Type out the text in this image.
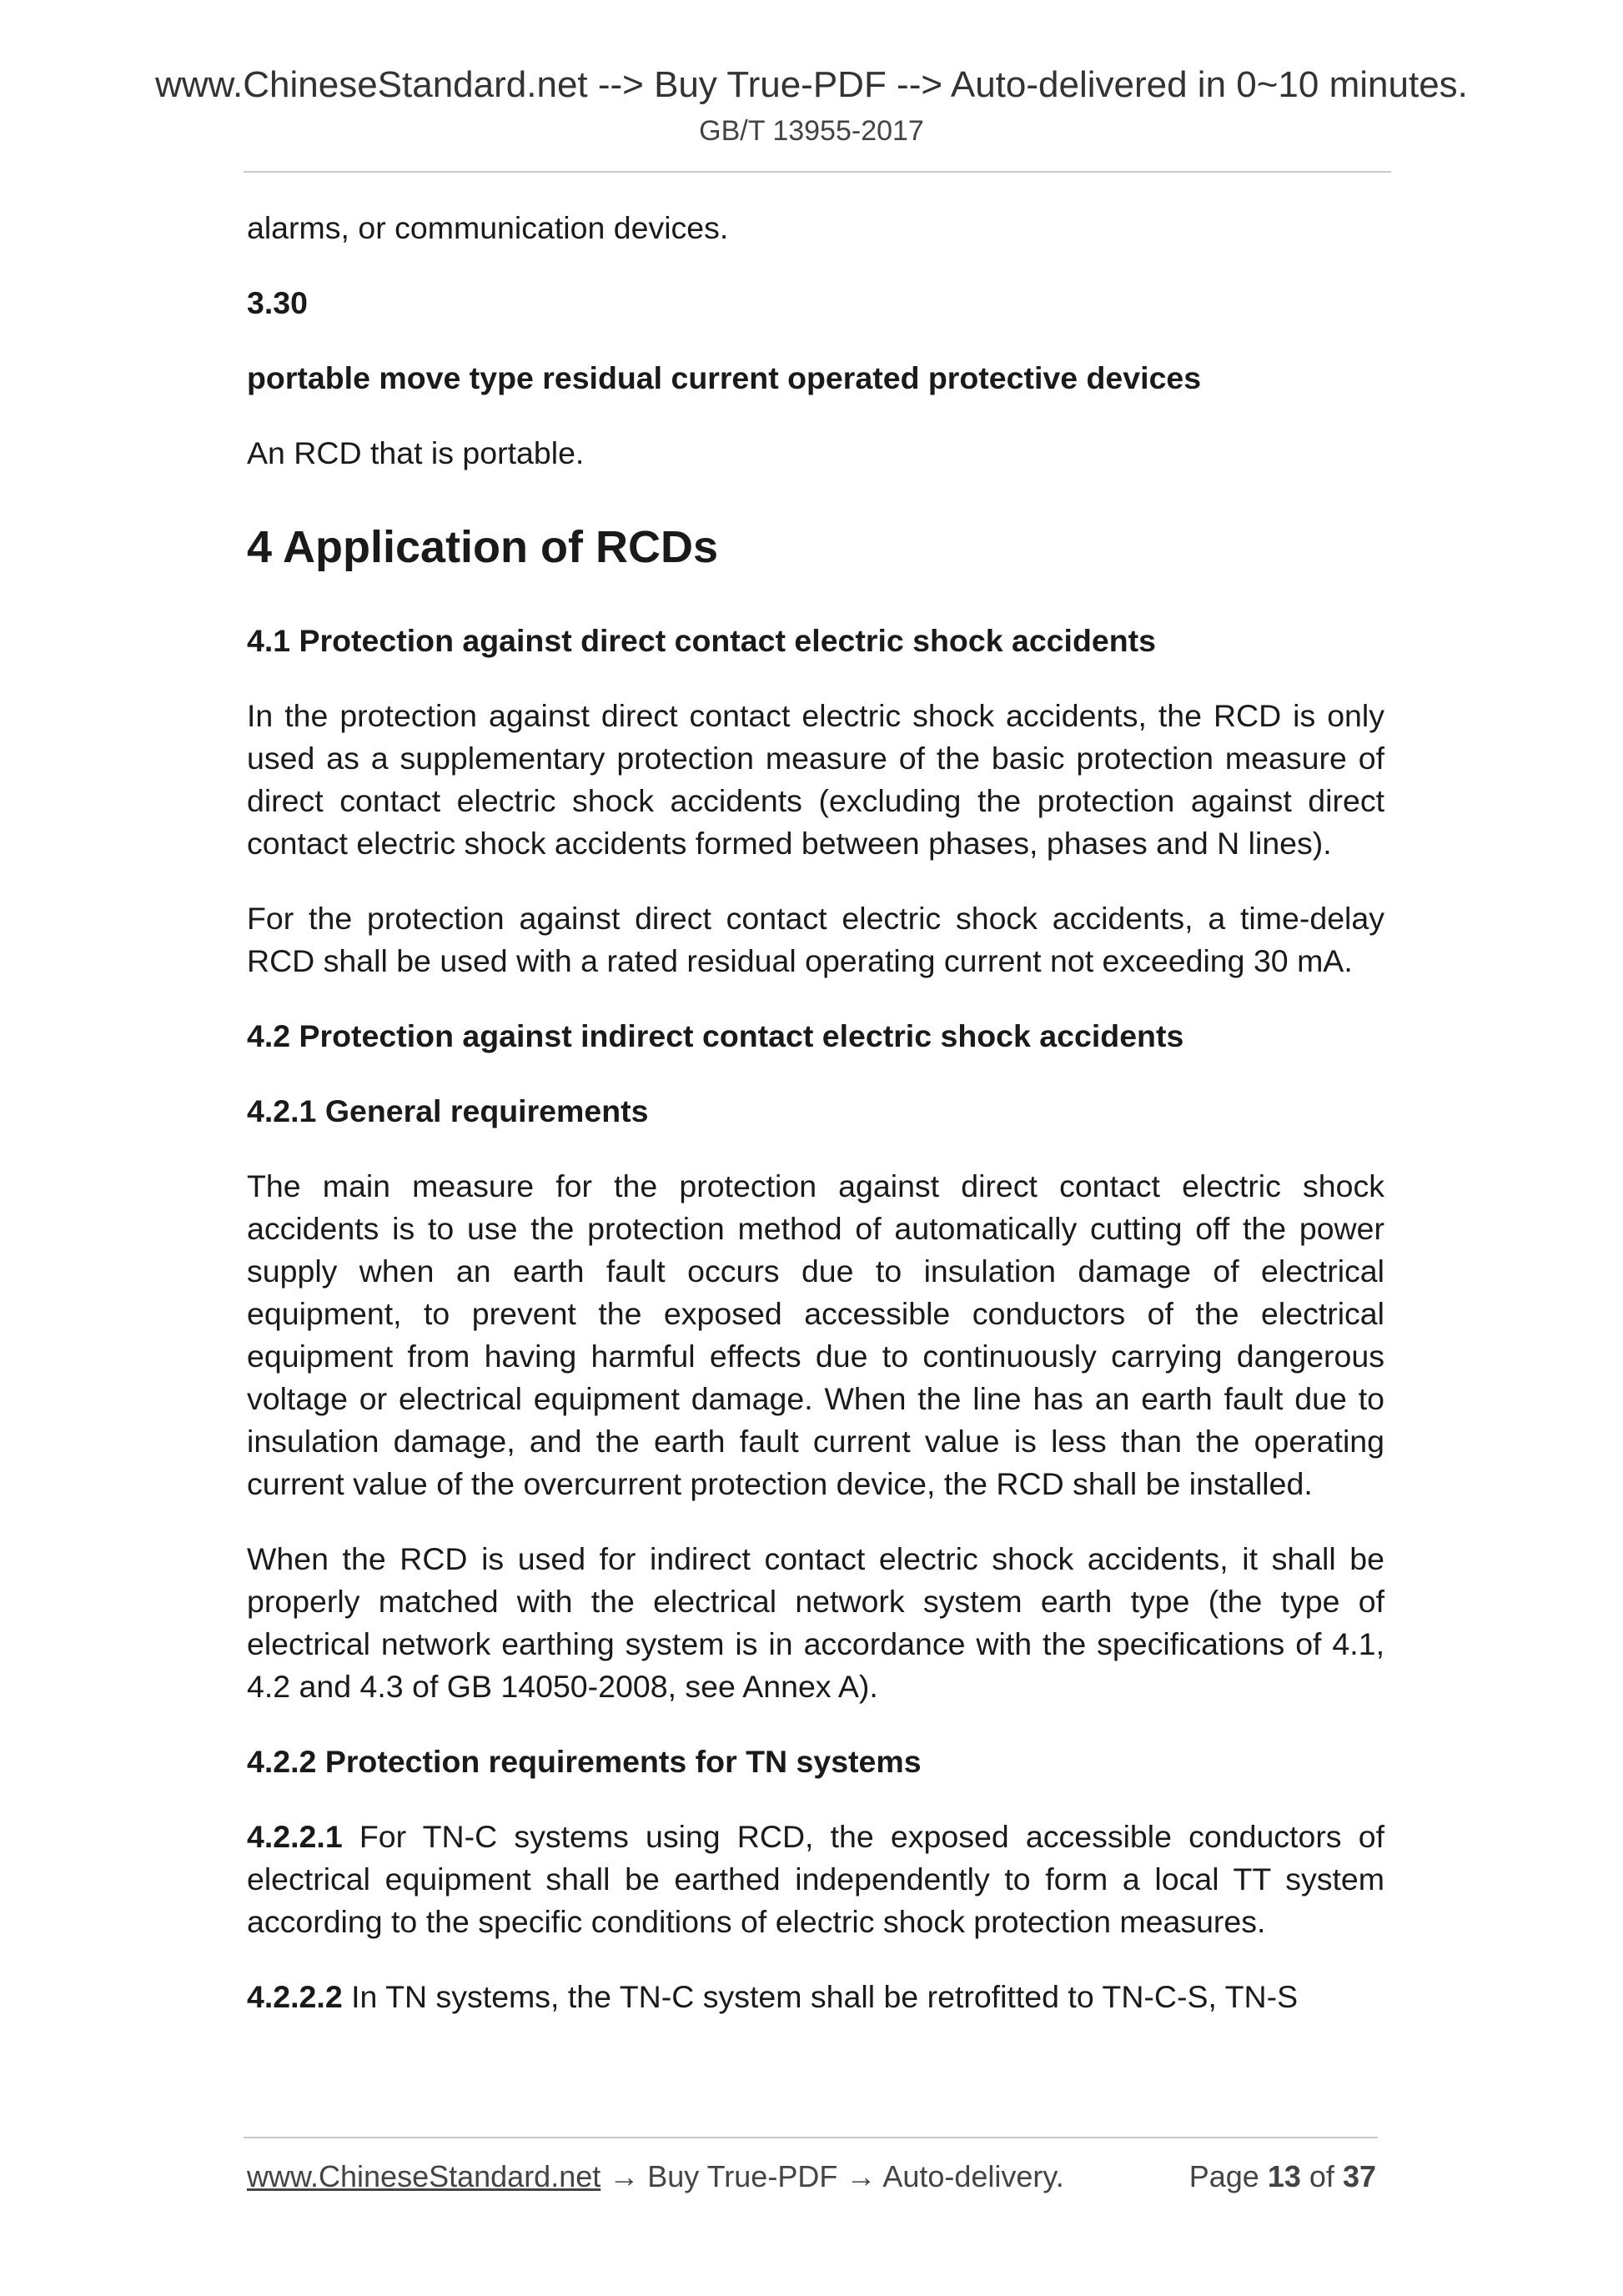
www.ChineseStandard.net --> Buy True-PDF --> Auto-delivered in 0~10 minutes.

GB/T 13955-2017

alarms, or communication devices.

3.30

portable move type residual current operated protective devices

An RCD that is portable.

4 Application of RCDs

4.1 Protection against direct contact electric shock accidents

In the protection against direct contact electric shock accidents, the RCD is only used as a supplementary protection measure of the basic protection measure of direct contact electric shock accidents (excluding the protection against direct contact electric shock accidents formed between phases, phases and N lines).

For the protection against direct contact electric shock accidents, a time-delay RCD shall be used with a rated residual operating current not exceeding 30 mA.

4.2 Protection against indirect contact electric shock accidents

4.2.1 General requirements

The main measure for the protection against direct contact electric shock accidents is to use the protection method of automatically cutting off the power supply when an earth fault occurs due to insulation damage of electrical equipment, to prevent the exposed accessible conductors of the electrical equipment from having harmful effects due to continuously carrying dangerous voltage or electrical equipment damage. When the line has an earth fault due to insulation damage, and the earth fault current value is less than the operating current value of the overcurrent protection device, the RCD shall be installed.

When the RCD is used for indirect contact electric shock accidents, it shall be properly matched with the electrical network system earth type (the type of electrical network earthing system is in accordance with the specifications of 4.1, 4.2 and 4.3 of GB 14050-2008, see Annex A).

4.2.2 Protection requirements for TN systems

4.2.2.1 For TN-C systems using RCD, the exposed accessible conductors of electrical equipment shall be earthed independently to form a local TT system according to the specific conditions of electric shock protection measures.

4.2.2.2 In TN systems, the TN-C system shall be retrofitted to TN-C-S, TN-S

www.ChineseStandard.net → Buy True-PDF → Auto-delivery.	Page 13 of 37
